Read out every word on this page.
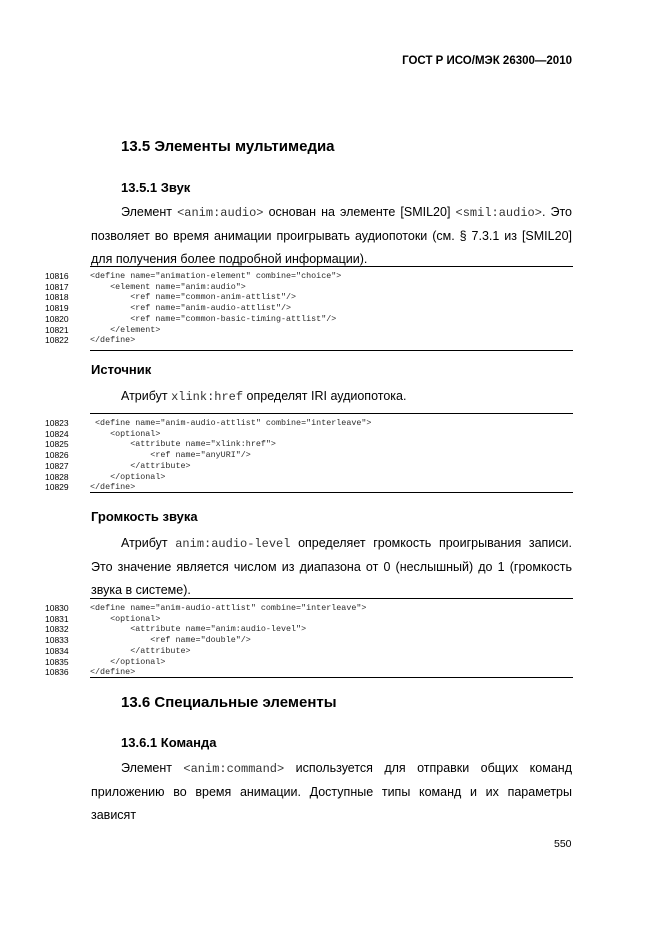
ГОСТ Р ИСО/МЭК 26300—2010
13.5 Элементы мультимедиа
13.5.1 Звук
Элемент <anim:audio> основан на элементе [SMIL20] <smil:audio>. Это
позволяет во время анимации проигрывать аудиопотоки (см. § 7.3.1 из [SMIL20]
для получения более подробной информации).
10816	<define name="animation-element" combine="choice">
10817	<element name="anim:audio">
10818	<ref name="common-anim-attlist"/>
10819	<ref name="anim-audio-attlist"/>
10820	<ref name="common-basic-timing-attlist"/>
10821	</element>
10822	</define>
Источник
Атрибут xlink:href определят IRI аудиопотока.
10823	<define name="anim-audio-attlist" combine="interleave">
10824	<optional>
10825	<attribute name="xlink:href">
10826	<ref name="anyURI"/>
10827	</attribute>
10828	</optional>
10829	</define>
Громкость звука
Атрибут anim:audio-level определяет громкость проигрывания записи.
Это значение является числом из диапазона от 0 (неслышный) до 1 (громкость
звука в системе).
10830	<define name="anim-audio-attlist" combine="interleave">
10831	<optional>
10832	<attribute name="anim:audio-level">
10833	<ref name="double"/>
10834	</attribute>
10835	</optional>
10836	</define>
13.6 Специальные элементы
13.6.1 Команда
Элемент <anim:command> используется для отправки общих команд
приложению во время анимации. Доступные типы команд и их параметры зависят
550
